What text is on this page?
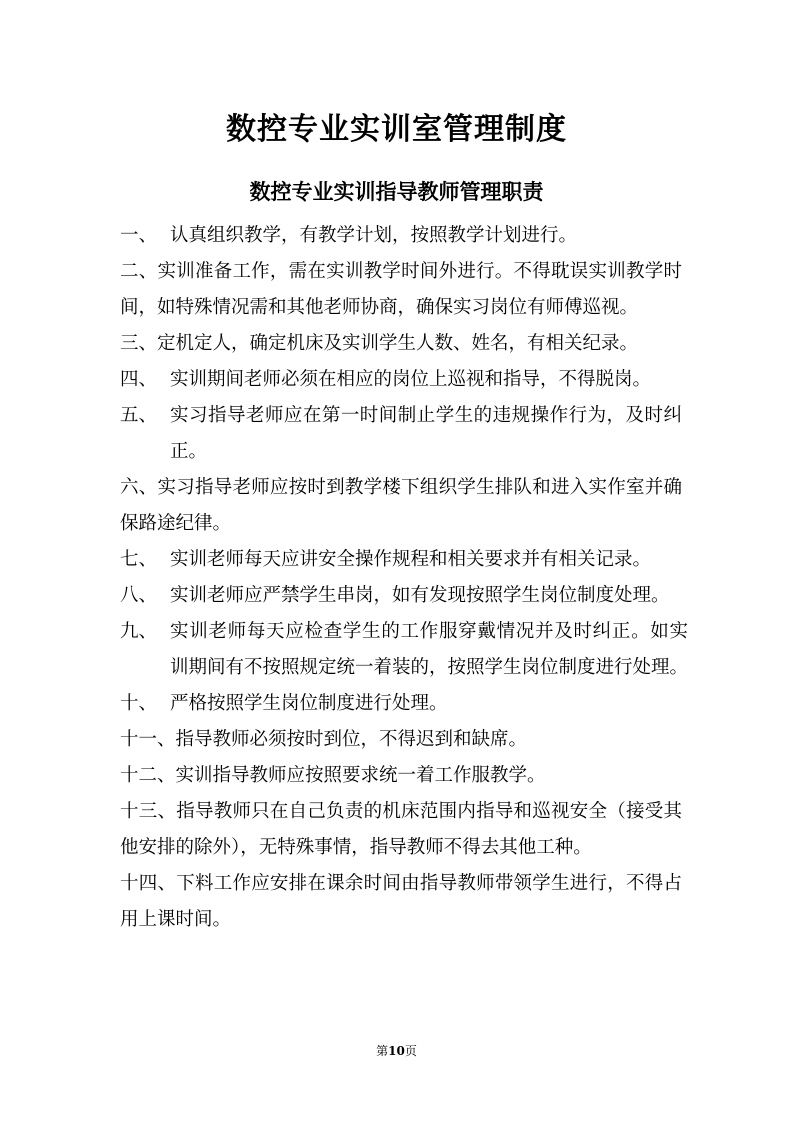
数控专业实训室管理制度
数控专业实训指导教师管理职责
一、 认真组织教学，有教学计划，按照教学计划进行。
二、实训准备工作，需在实训教学时间外进行。不得耽误实训教学时
间，如特殊情况需和其他老师协商，确保实习岗位有师傅巡视。
三、定机定人，确定机床及实训学生人数、姓名，有相关纪录。
四、 实训期间老师必须在相应的岗位上巡视和指导，不得脱岗。
五、 实习指导老师应在第一时间制止学生的违规操作行为，及时纠
正。
六、实习指导老师应按时到教学楼下组织学生排队和进入实作室并确
保路途纪律。
七、 实训老师每天应讲安全操作规程和相关要求并有相关记录。
八、 实训老师应严禁学生串岗，如有发现按照学生岗位制度处理。
九、 实训老师每天应检查学生的工作服穿戴情况并及时纠正。如实
训期间有不按照规定统一着装的，按照学生岗位制度进行处理。
十、 严格按照学生岗位制度进行处理。
十一、指导教师必须按时到位，不得迟到和缺席。
十二、实训指导教师应按照要求统一着工作服教学。
十三、指导教师只在自己负责的机床范围内指导和巡视安全（接受其
他安排的除外），无特殊事情，指导教师不得去其他工种。
十四、下料工作应安排在课余时间由指导教师带领学生进行，不得占
用上课时间。
第10页
